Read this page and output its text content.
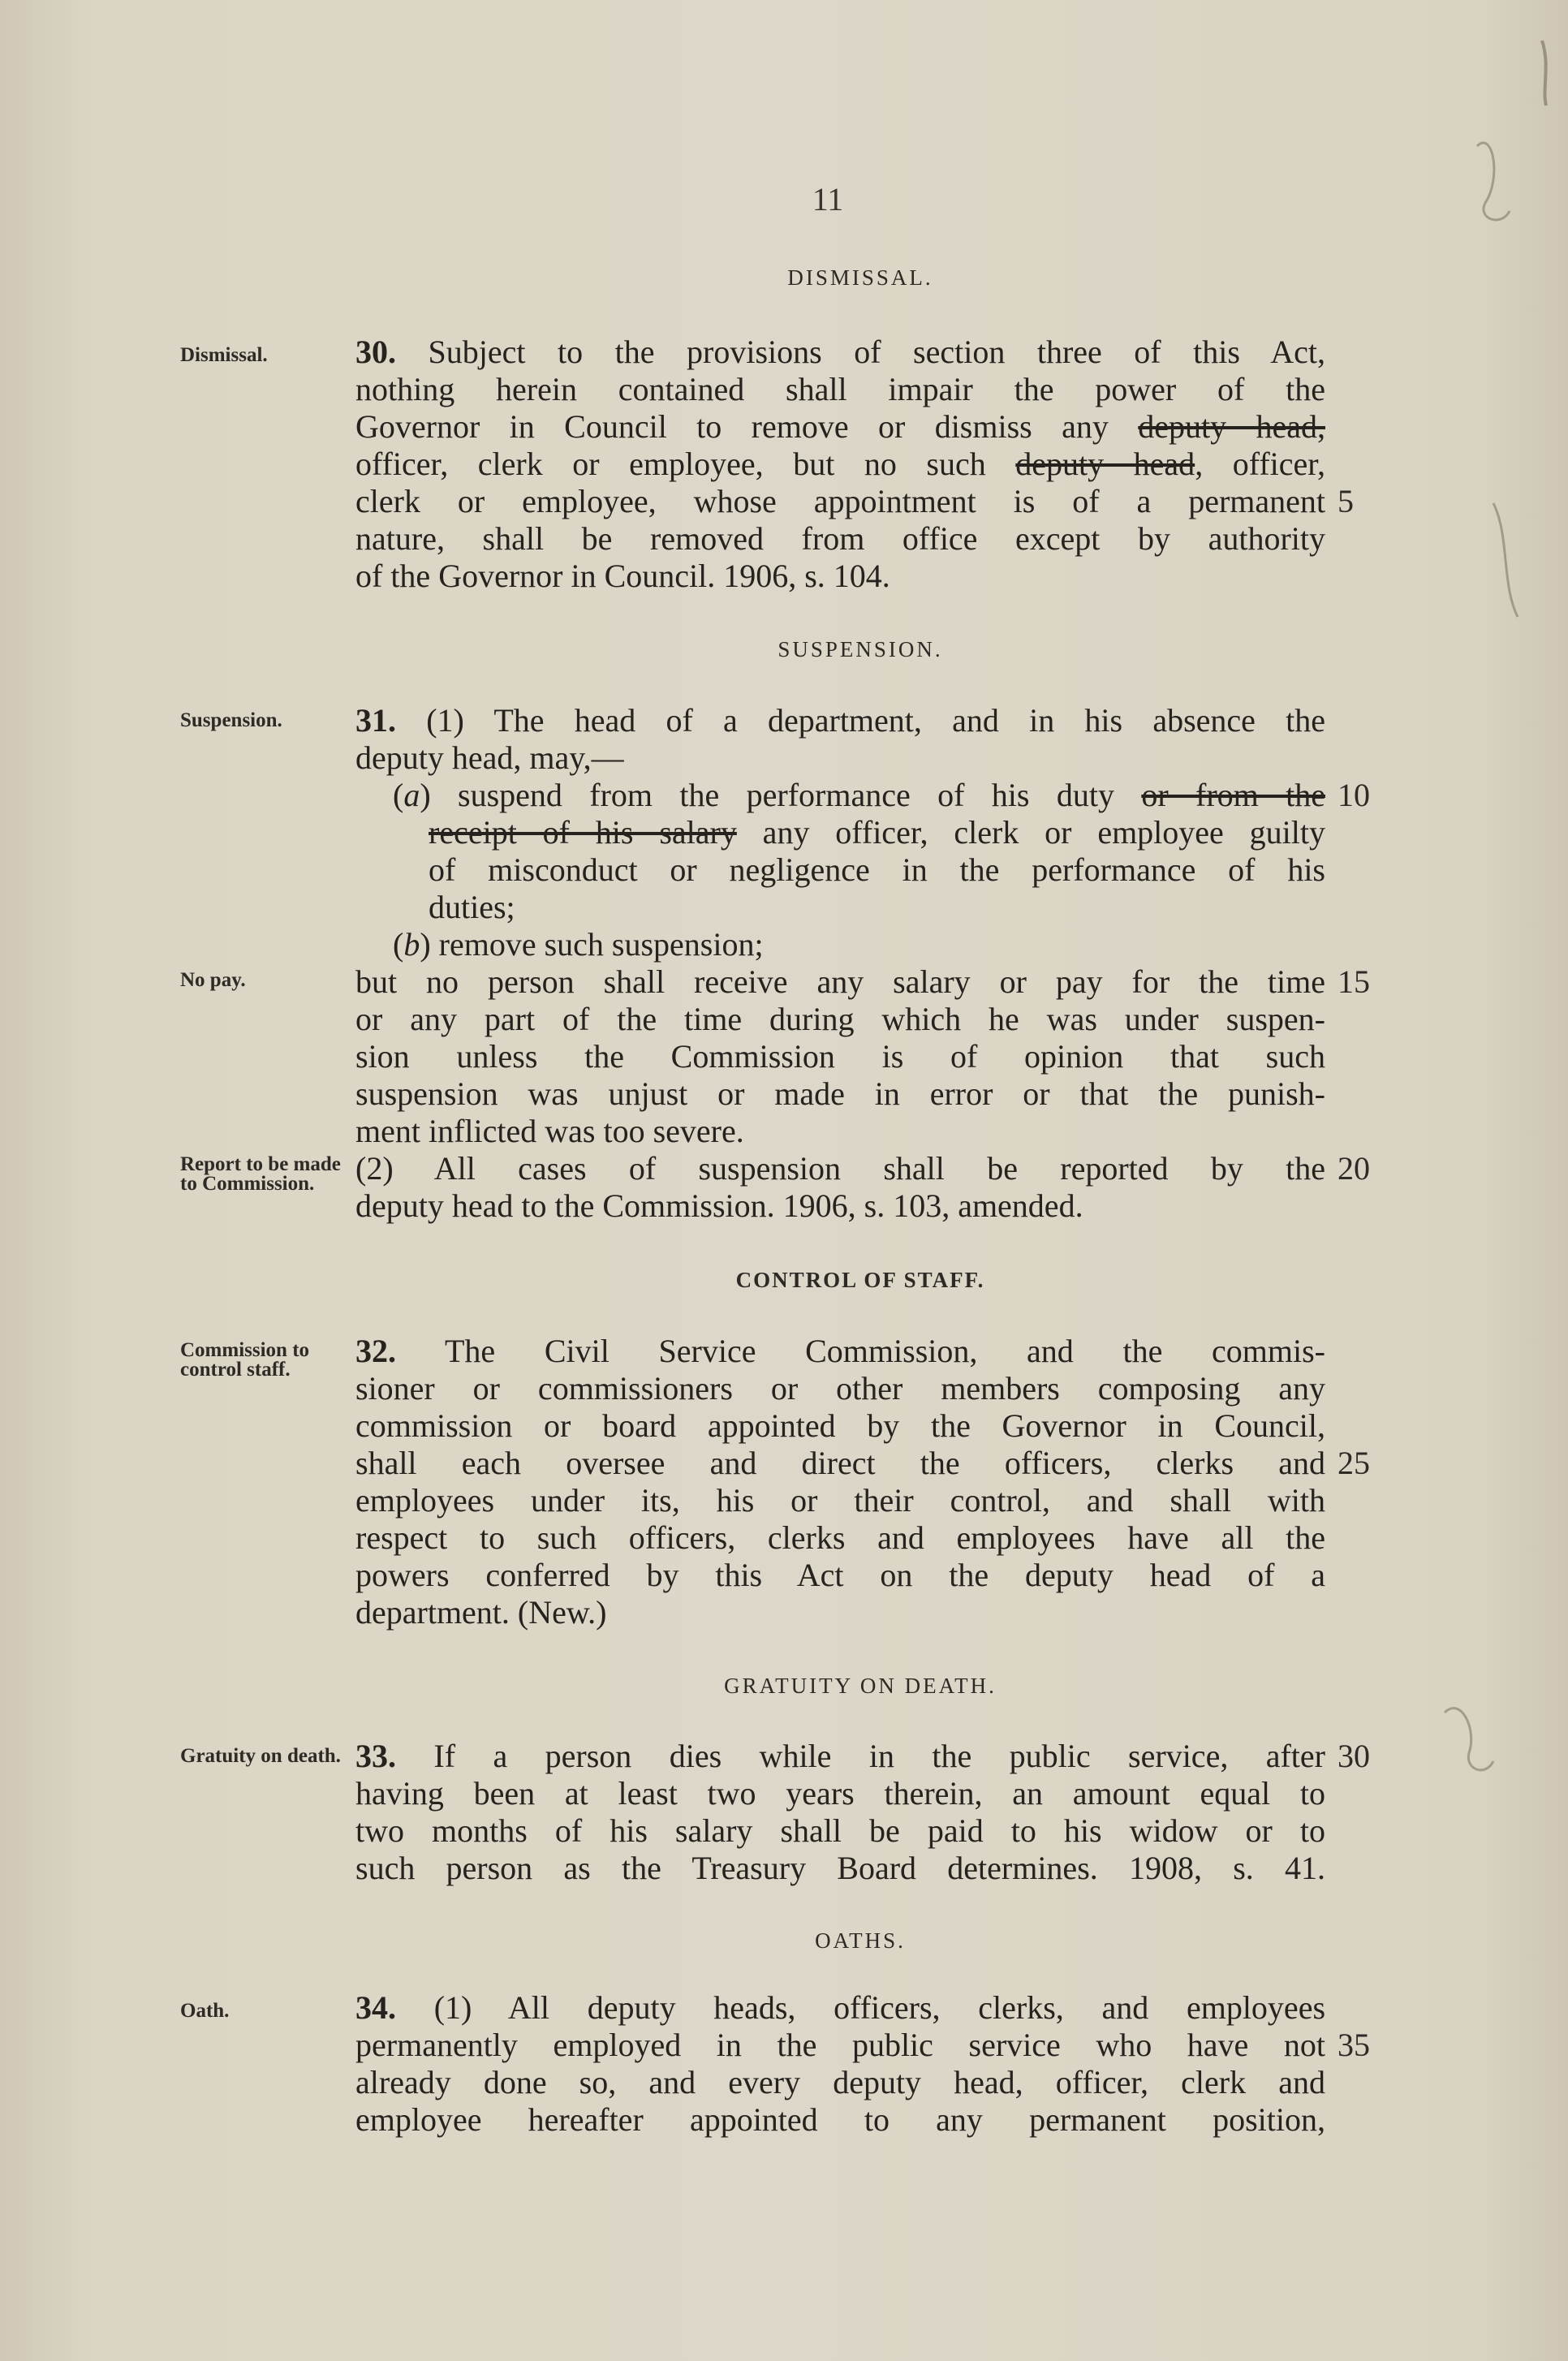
11
DISMISSAL.
Dismissal.	30. Subject to the provisions of section three of this Act,
nothing herein contained shall impair the power of the
Governor in Council to remove or dismiss any deputy head,
officer, clerk or employee, but no such deputy head, officer,
clerk or employee, whose appointment is of a permanent 5
nature, shall be removed from office except by authority
of the Governor in Council. 1906, s. 104.
SUSPENSION.
Suspension.	31. (1) The head of a department, and in his absence the
deputy head, may,—
(a) suspend from the performance of his duty or from the 10
receipt of his salary any officer, clerk or employee guilty
of misconduct or negligence in the performance of his
duties;
(b) remove such suspension;
No pay.	but no person shall receive any salary or pay for the time 15
or any part of the time during which he was under suspen-
sion unless the Commission is of opinion that such
suspension was unjust or made in error or that the punish-
ment inflicted was too severe.
Report to be made to Commission.	(2) All cases of suspension shall be reported by the 20
deputy head to the Commission. 1906, s. 103, amended.
CONTROL OF STAFF.
Commission to control staff.
32. The Civil Service Commission, and the commis-
sioner or commissioners or other members composing any
commission or board appointed by the Governor in Council,
shall each oversee and direct the officers, clerks and 25
employees under its, his or their control, and shall with
respect to such officers, clerks and employees have all the
powers conferred by this Act on the deputy head of a
department. (New.)
GRATUITY ON DEATH.
Gratuity on death. 33. If a person dies while in the public service, after 30
having been at least two years therein, an amount equal to
two months of his salary shall be paid to his widow or to
such person as the Treasury Board determines. 1908, s. 41.
OATHS.
Oath.	34. (1) All deputy heads, officers, clerks, and employees
permanently employed in the public service who have not 35
already done so, and every deputy head, officer, clerk and
employee hereafter appointed to any permanent position,
